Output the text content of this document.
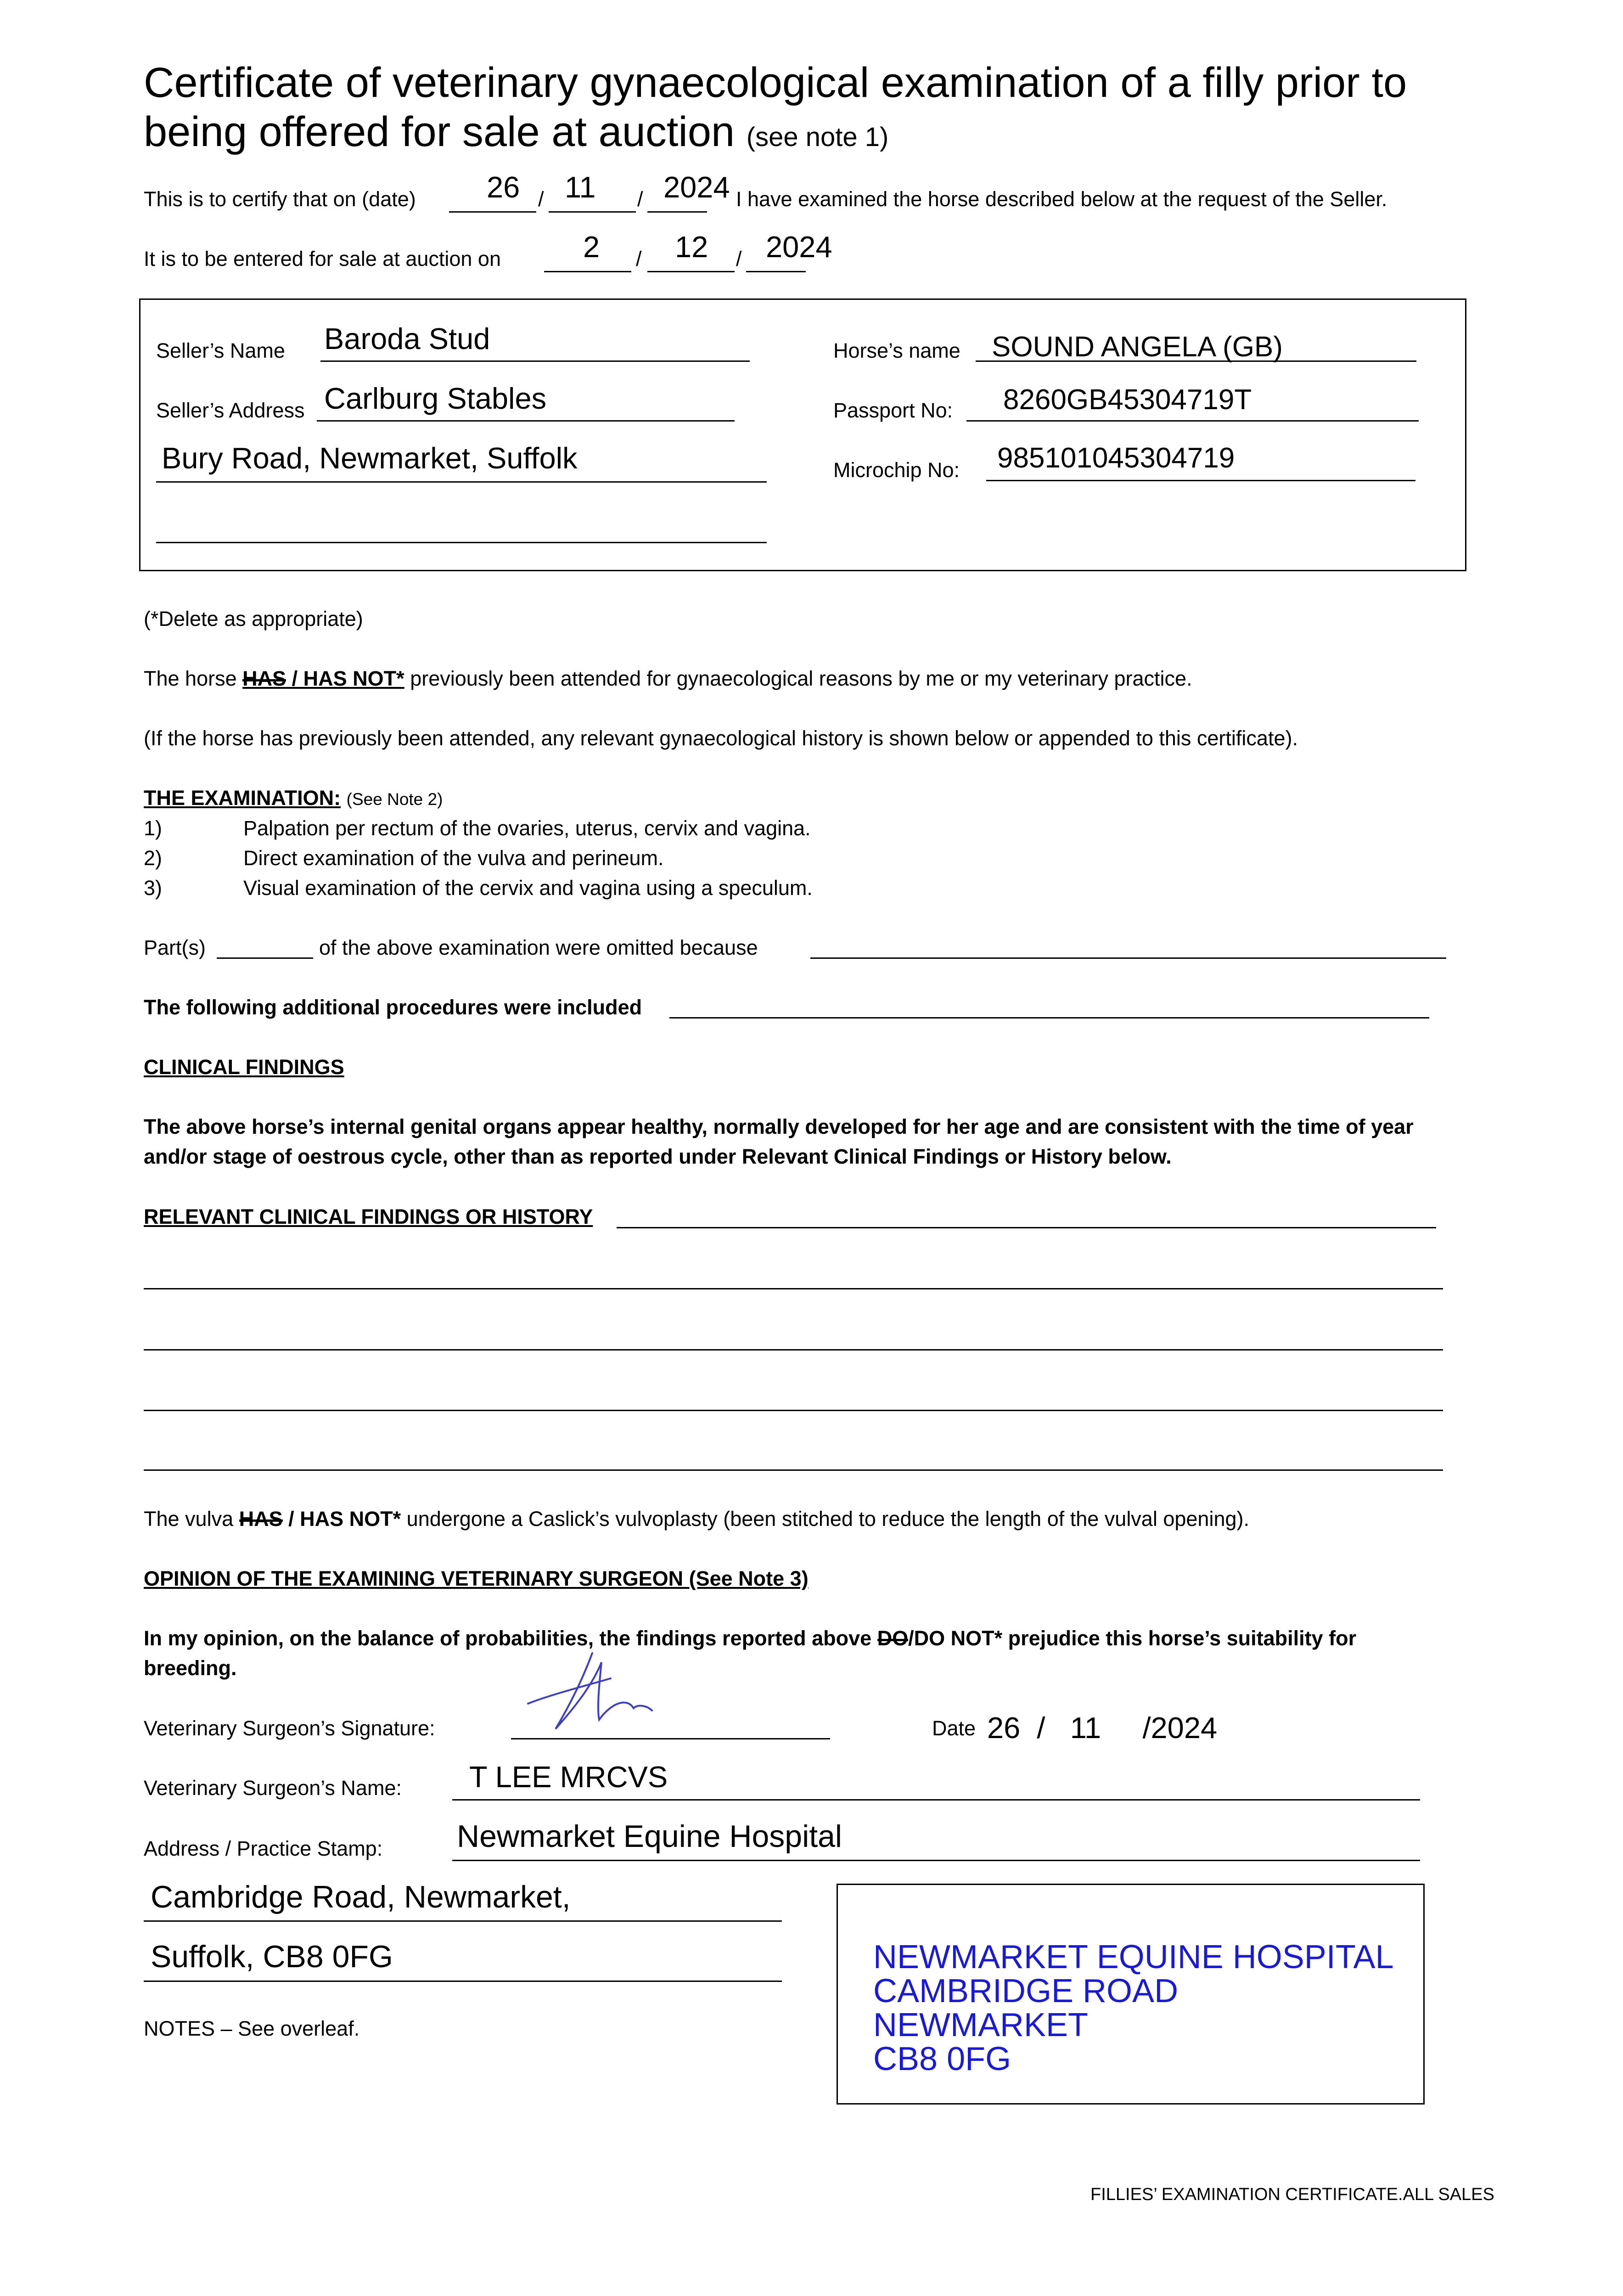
Certificate of veterinary gynaecological examination of a filly prior to
being offered for sale at auction (see note 1)
This is to certify that on (date) 26 / 11 / 2024 I have examined the horse described below at the request of the Seller.
It is to be entered for sale at auction on	2 / 12 / 2024
Seller’s Name Baroda Stud
Seller’s Address Carlburg Stables
Bury Road, Newmarket, Suffolk
Horse’s name SOUND ANGELA (GB)
Passport No: 8260GB45304719T
Microchip No: 985101045304719
(*Delete as appropriate)
The horse HAS / HAS NOT* previously been attended for gynaecological reasons by me or my veterinary practice.
(If the horse has previously been attended, any relevant gynaecological history is shown below or appended to this certificate).
THE EXAMINATION: (See Note 2)
1)	Palpation per rectum of the ovaries, uterus, cervix and vagina.
2)	Direct examination of the vulva and perineum.
3)	Visual examination of the cervix and vagina using a speculum.
Part(s)	of the above examination were omitted because
The following additional procedures were included
CLINICAL FINDINGS
The above horse’s internal genital organs appear healthy, normally developed for her age and are consistent with the time of year
and/or stage of oestrous cycle, other than as reported under Relevant Clinical Findings or History below.
RELEVANT CLINICAL FINDINGS OR HISTORY
The vulva HAS / HAS NOT* undergone a Caslick’s vulvoplasty (been stitched to reduce the length of the vulval opening).
OPINION OF THE EXAMINING VETERINARY SURGEON (See Note 3)
In my opinion, on the balance of probabilities, the findings reported above DO/DO NOT* prejudice this horse’s suitability for
breeding.
Veterinary Surgeon’s Signature:	Date 26  /   11     /2024
Veterinary Surgeon’s Name: T LEE MRCVS
Address / Practice Stamp: Newmarket Equine Hospital
Cambridge Road, Newmarket,
Suffolk, CB8 0FG	NEWMARKET EQUINE HOSPITAL
CAMBRIDGE ROAD
NEWMARKET
CB8 0FG
NOTES – See overleaf.
FILLIES’ EXAMINATION CERTIFICATE.ALL SALES
